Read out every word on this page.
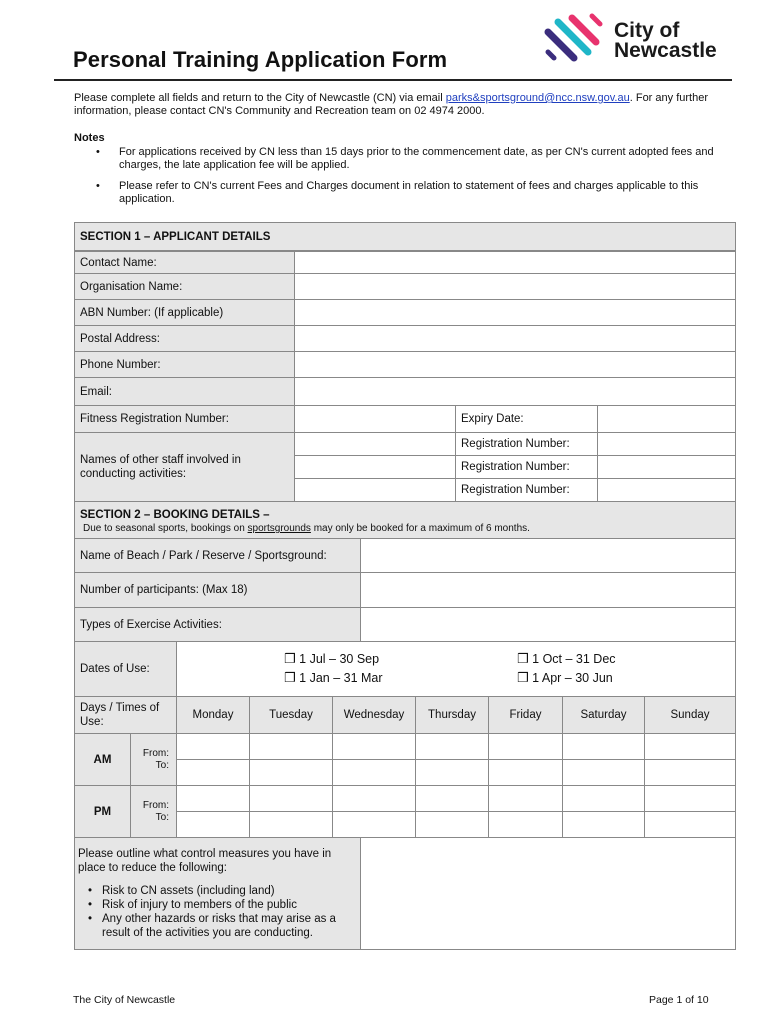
Personal Training Application Form
City of
Newcastle
Please complete all fields and return to the City of Newcastle (CN) via email parks&sportsground@ncc.nsw.gov.au. For any further information, please contact CN's Community and Recreation team on 02 4974 2000.
Notes
• For applications received by CN less than 15 days prior to the commencement date, as per CN's current adopted fees and charges, the late application fee will be applied.
• Please refer to CN's current Fees and Charges document in relation to statement of fees and charges applicable to this application.
SECTION 1 – APPLICANT DETAILS
Contact Name:
Organisation Name:
ABN Number: (If applicable)
Postal Address:
Phone Number:
Email:
Fitness Registration Number:	Expiry Date:
Names of other staff involved in conducting activities:
Registration Number:
Registration Number:
Registration Number:
SECTION 2 – BOOKING DETAILS –
Due to seasonal sports, bookings on sportsgrounds may only be booked for a maximum of 6 months.
Name of Beach / Park / Reserve / Sportsground:
Number of participants: (Max 18)
Types of Exercise Activities:
Dates of Use:
❒ 1 Jul – 30 Sep	❒ 1 Oct – 31 Dec
❒ 1 Jan – 31 Mar	❒ 1 Apr – 30 Jun
Days / Times of Use:
Monday	Tuesday	Wednesday	Thursday	Friday	Saturday	Sunday
AM	From:
To:
PM	From:
To:
Please outline what control measures you have in place to reduce the following:
• Risk to CN assets (including land)
• Risk of injury to members of the public
• Any other hazards or risks that may arise as a result of the activities you are conducting.
The City of Newcastle	Page 1 of 10
